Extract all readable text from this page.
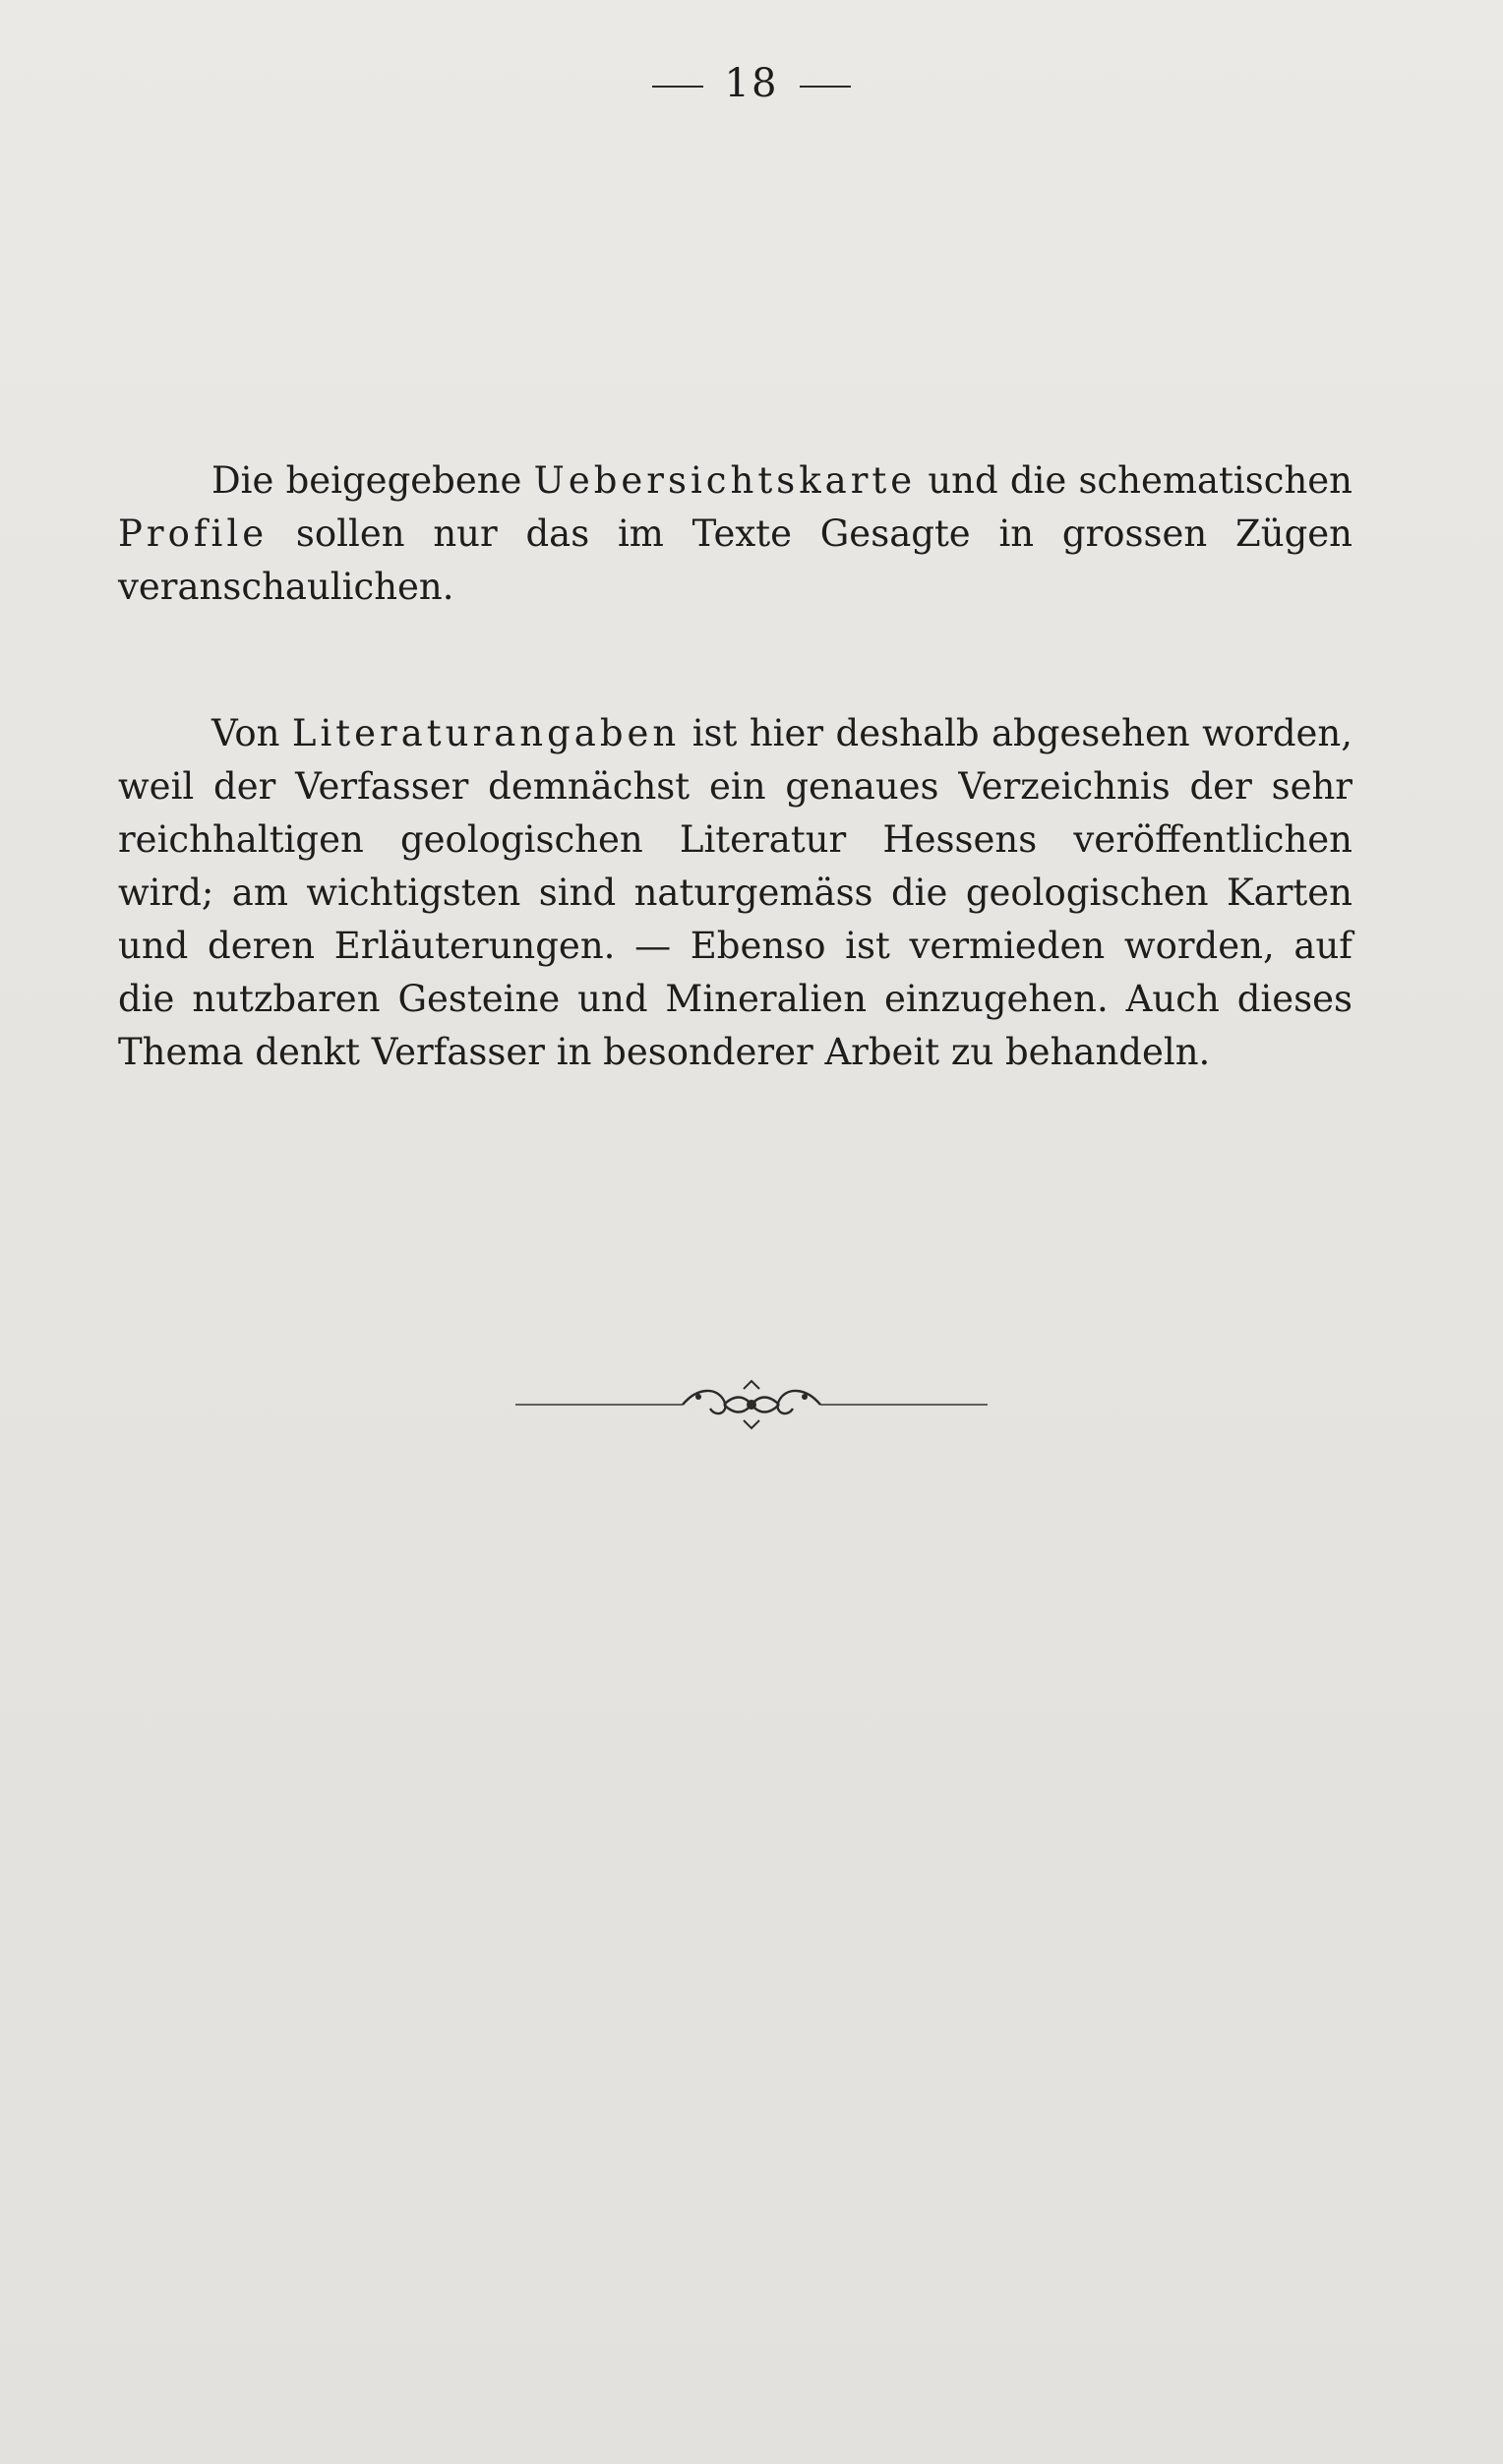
18

Die beigegebene Uebersichtskarte und die schematischen Profile sollen nur das im Texte Gesagte in grossen Zügen veranschaulichen.

Von Literaturangaben ist hier deshalb abgesehen worden, weil der Verfasser demnächst ein genaues Verzeichnis der sehr reichhaltigen geologischen Literatur Hessens veröffentlichen wird; am wichtigsten sind naturgemäss die geologischen Karten und deren Erläuterungen. — Ebenso ist vermieden worden, auf die nutzbaren Gesteine und Mineralien einzugehen. Auch dieses Thema denkt Verfasser in besonderer Arbeit zu behandeln.
